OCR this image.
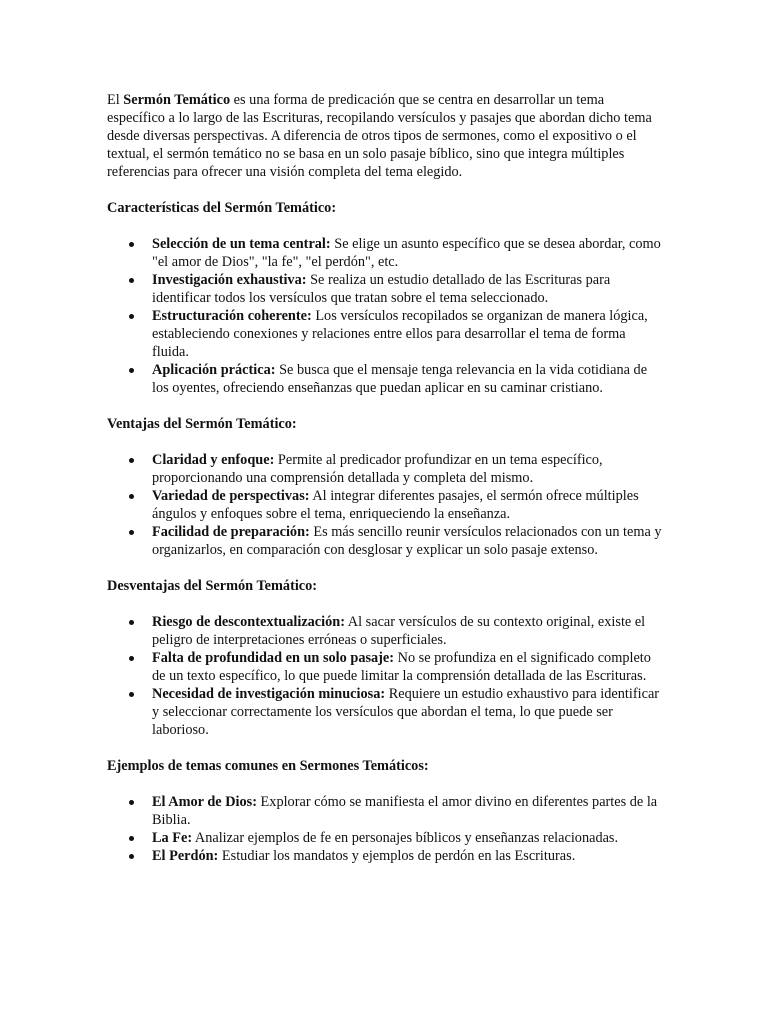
El Sermón Temático es una forma de predicación que se centra en desarrollar un tema específico a lo largo de las Escrituras, recopilando versículos y pasajes que abordan dicho tema desde diversas perspectivas. A diferencia de otros tipos de sermones, como el expositivo o el textual, el sermón temático no se basa en un solo pasaje bíblico, sino que integra múltiples referencias para ofrecer una visión completa del tema elegido.

Características del Sermón Temático:
Selección de un tema central: Se elige un asunto específico que se desea abordar, como "el amor de Dios", "la fe", "el perdón", etc.
Investigación exhaustiva: Se realiza un estudio detallado de las Escrituras para identificar todos los versículos que tratan sobre el tema seleccionado.
Estructuración coherente: Los versículos recopilados se organizan de manera lógica, estableciendo conexiones y relaciones entre ellos para desarrollar el tema de forma fluida.
Aplicación práctica: Se busca que el mensaje tenga relevancia en la vida cotidiana de los oyentes, ofreciendo enseñanzas que puedan aplicar en su caminar cristiano.
Ventajas del Sermón Temático:
Claridad y enfoque: Permite al predicador profundizar en un tema específico, proporcionando una comprensión detallada y completa del mismo.
Variedad de perspectivas: Al integrar diferentes pasajes, el sermón ofrece múltiples ángulos y enfoques sobre el tema, enriqueciendo la enseñanza.
Facilidad de preparación: Es más sencillo reunir versículos relacionados con un tema y organizarlos, en comparación con desglosar y explicar un solo pasaje extenso.
Desventajas del Sermón Temático:
Riesgo de descontextualización: Al sacar versículos de su contexto original, existe el peligro de interpretaciones erróneas o superficiales.
Falta de profundidad en un solo pasaje: No se profundiza en el significado completo de un texto específico, lo que puede limitar la comprensión detallada de las Escrituras.
Necesidad de investigación minuciosa: Requiere un estudio exhaustivo para identificar y seleccionar correctamente los versículos que abordan el tema, lo que puede ser laborioso.
Ejemplos de temas comunes en Sermones Temáticos:
El Amor de Dios: Explorar cómo se manifiesta el amor divino en diferentes partes de la Biblia.
La Fe: Analizar ejemplos de fe en personajes bíblicos y enseñanzas relacionadas.
El Perdón: Estudiar los mandatos y ejemplos de perdón en las Escrituras.
